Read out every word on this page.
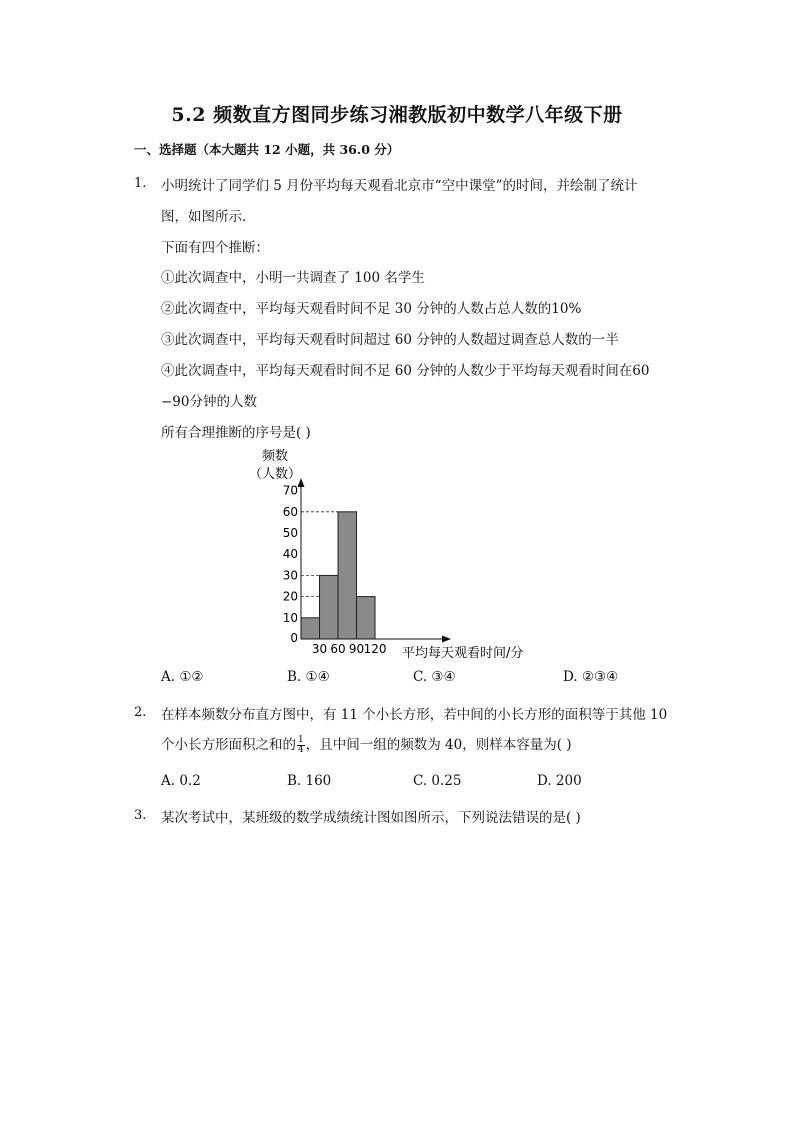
5.2 频数直方图同步练习湘教版初中数学八年级下册
一、选择题（本大题共 12 小题，共 36.0 分）
1. 小明统计了同学们 5 月份平均每天观看北京市“空中课堂”的时间，并绘制了统计
图，如图所示．
下面有四个推断：
①此次调查中，小明一共调查了 100 名学生
②此次调查中，平均每天观看时间不足 30 分钟的人数占总人数的10%
③此次调查中，平均每天观看时间超过 60 分钟的人数超过调查总人数的一半
④此次调查中，平均每天观看时间不足 60 分钟的人数少于平均每天观看时间在60
−90分钟的人数
所有合理推断的序号是( )
频数
（人数）
平均每天观看时间/分
0
10
20
30
40
50
60
70
30 60 90 120
A. ①②	B. ①④	C. ③④	D. ②③④
2. 在样本频数分布直方图中，有 11 个小长方形，若中间的小长方形的面积等于其他 10
个小长方形面积之和的 $\frac{1}{4}$ ，且中间一组的频数为 40，则样本容量为( )
A. 0.2	B. 160	C. 0.25	D. 200
3. 某次考试中，某班级的数学成绩统计图如图所示，下列说法错误的是( )
